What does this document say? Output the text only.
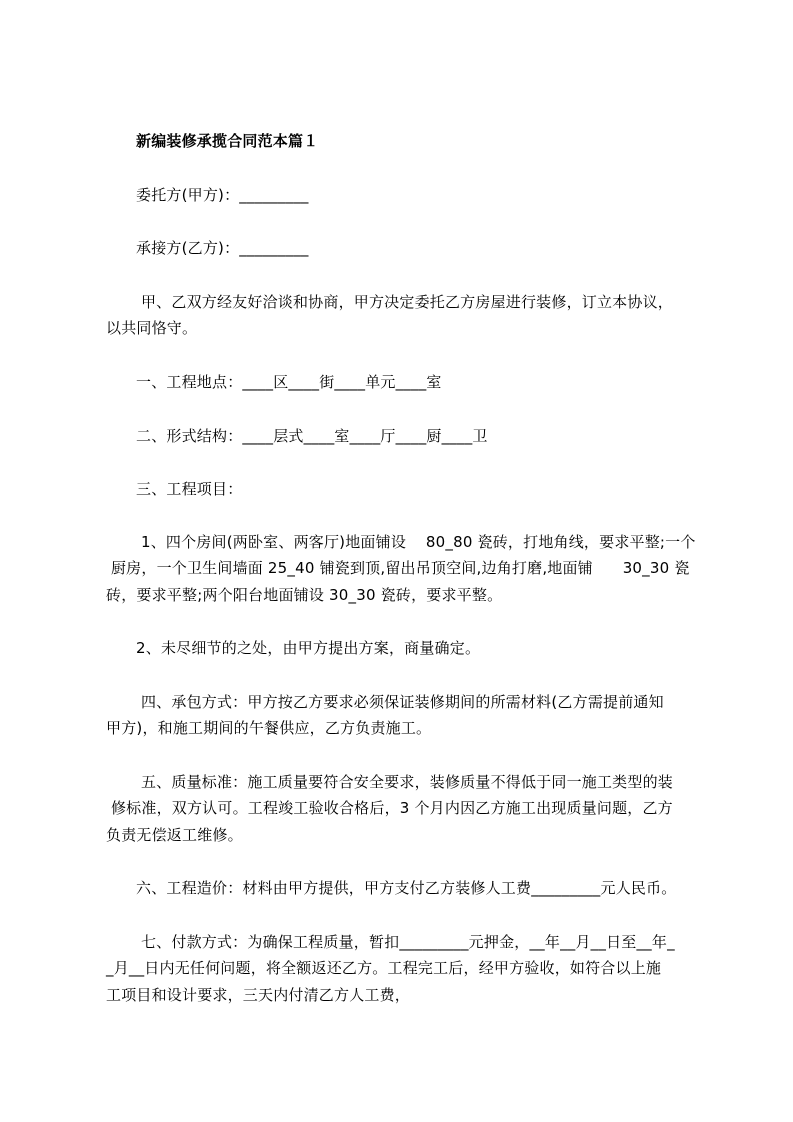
新编装修承揽合同范本篇１
委托方(甲方)：_________
承接方(乙方)：_________
甲、乙双方经友好洽谈和协商，甲方决定委托乙方房屋进行装修，订立本协议，
以共同恪守。
一、工程地点：____区____街____单元____室
二、形式结构：____层式____室____厅____厨____卫
三、工程项目：
1、四个房间(两卧室、两客厅)地面铺设    80_80 瓷砖，打地角线，要求平整;一个
厨房，一个卫生间墙面 25_40 铺瓷到顶,留出吊顶空间,边角打磨,地面铺      30_30 瓷
砖，要求平整;两个阳台地面铺设 30_30 瓷砖，要求平整。
2、未尽细节的之处，由甲方提出方案，商量确定。
四、承包方式：甲方按乙方要求必须保证装修期间的所需材料(乙方需提前通知
甲方)，和施工期间的午餐供应，乙方负责施工。
五、质量标准：施工质量要符合安全要求，装修质量不得低于同一施工类型的装
修标准，双方认可。工程竣工验收合格后，3 个月内因乙方施工出现质量问题，乙方
负责无偿返工维修。
六、工程造价：材料由甲方提供，甲方支付乙方装修人工费_________元人民币。
七、付款方式：为确保工程质量，暂扣_________元押金，__年__月__日至__年_
_月__日内无任何问题，将全额返还乙方。工程完工后，经甲方验收，如符合以上施
工项目和设计要求，三天内付清乙方人工费，
